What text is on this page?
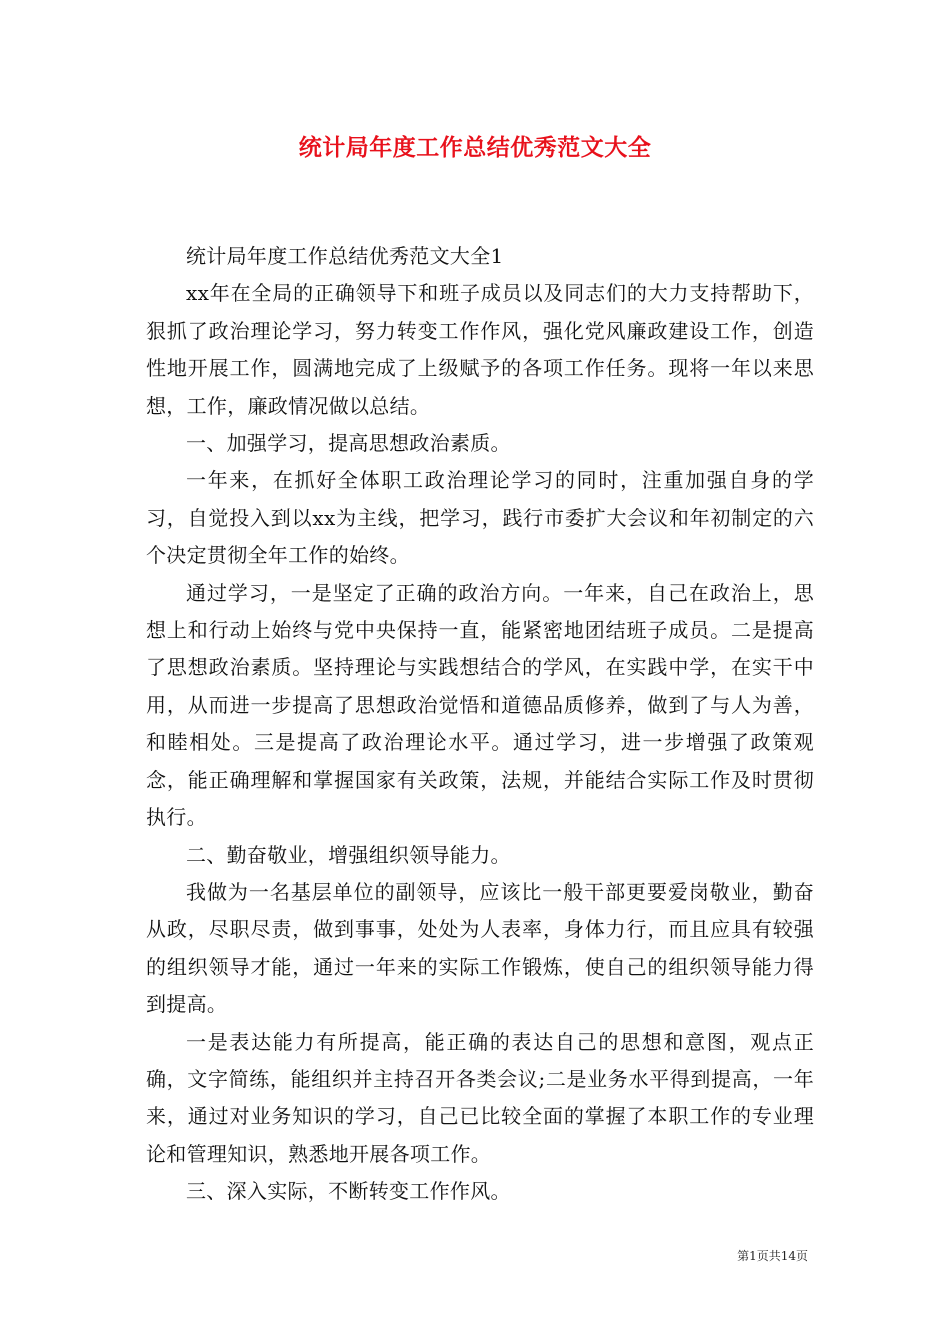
统计局年度工作总结优秀范文大全

统计局年度工作总结优秀范文大全1

xx年在全局的正确领导下和班子成员以及同志们的大力支持帮助下，狠抓了政治理论学习，努力转变工作作风，强化党风廉政建设工作，创造性地开展工作，圆满地完成了上级赋予的各项工作任务。现将一年以来思想，工作，廉政情况做以总结。

一、加强学习，提高思想政治素质。

一年来，在抓好全体职工政治理论学习的同时，注重加强自身的学习，自觉投入到以xx为主线，把学习，践行市委扩大会议和年初制定的六个决定贯彻全年工作的始终。

通过学习，一是坚定了正确的政治方向。一年来，自己在政治上，思想上和行动上始终与党中央保持一直，能紧密地团结班子成员。二是提高了思想政治素质。坚持理论与实践想结合的学风，在实践中学，在实干中用，从而进一步提高了思想政治觉悟和道德品质修养，做到了与人为善，和睦相处。三是提高了政治理论水平。通过学习，进一步增强了政策观念，能正确理解和掌握国家有关政策，法规，并能结合实际工作及时贯彻执行。

二、勤奋敬业，增强组织领导能力。

我做为一名基层单位的副领导，应该比一般干部更要爱岗敬业，勤奋从政，尽职尽责，做到事事，处处为人表率，身体力行，而且应具有较强的组织领导才能，通过一年来的实际工作锻炼，使自己的组织领导能力得到提高。

一是表达能力有所提高，能正确的表达自己的思想和意图，观点正确，文字简练，能组织并主持召开各类会议;二是业务水平得到提高，一年来，通过对业务知识的学习，自己已比较全面的掌握了本职工作的专业理论和管理知识，熟悉地开展各项工作。

三、深入实际，不断转变工作作风。

第1页共14页
